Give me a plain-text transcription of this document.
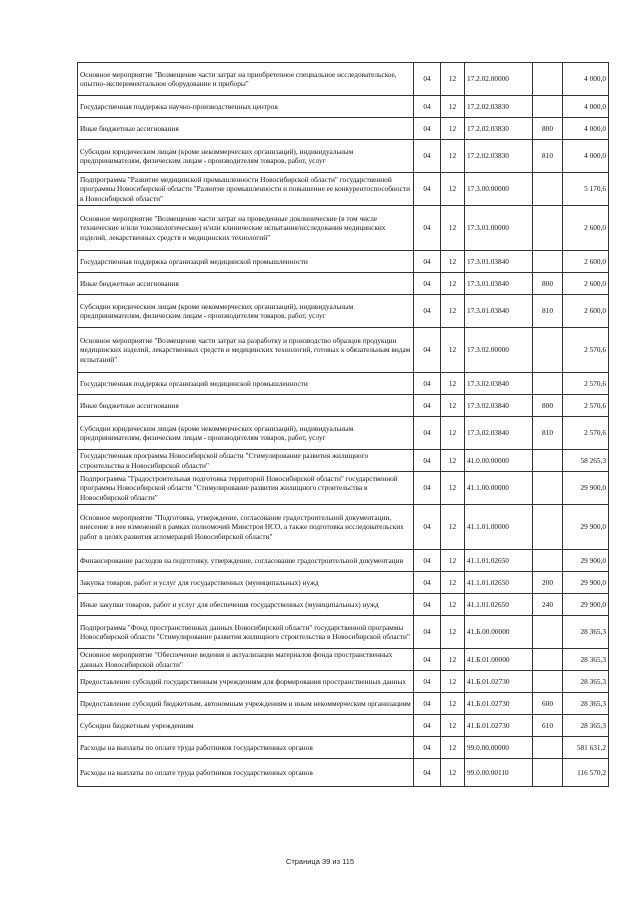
Основное мероприятие "Возмещение части затрат на приобретенное специальное исследовательское, опытно-экспериментальное оборудование и приборы"	04	12	17.2.02.00000		4 000,0
Государственная поддержка научно-производственных центров	04	12	17.2.02.03830		4 000,0
Иные бюджетные ассигнования	04	12	17.2.02.03830	800	4 000,0
Субсидии юридическим лицам (кроме некоммерческих организаций), индивидуальным предпринимателям, физическим лицам - производителям товаров, работ, услуг	04	12	17.2.02.03830	810	4 000,0
Подпрограмма "Развитие медицинской промышленности Новосибирской области" государственной программы Новосибирской области "Развитие промышленности и повышение ее конкурентоспособности в Новосибирской области"	04	12	17.3.00.00000		5 170,6
Основное мероприятие "Возмещение части затрат на проведенные доклинические (в том числе технические и/или токсикологические) и/или клинические испытания/исследования медицинских изделий, лекарственных средств и медицинских технологий"	04	12	17.3.01.00000		2 600,0
Государственная поддержка организаций медицинской промышленности	04	12	17.3.01.03840		2 600,0
Иные бюджетные ассигнования	04	12	17.3.01.03840	800	2 600,0
Субсидии юридическим лицам (кроме некоммерческих организаций), индивидуальным предпринимателям, физическим лицам - производителям товаров, работ, услуг	04	12	17.3.01.03840	810	2 600,0
Основное мероприятие "Возмещение части затрат на разработку и производство образцов продукции медицинских изделий, лекарственных средств и медицинских технологий, готовых к обязательным видам испытаний"	04	12	17.3.02.00000		2 570,6
Государственная поддержка организаций медицинской промышленности	04	12	17.3.02.03840		2 570,6
Иные бюджетные ассигнования	04	12	17.3.02.03840	800	2 570,6
Субсидии юридическим лицам (кроме некоммерческих организаций), индивидуальным предпринимателям, физическим лицам - производителям товаров, работ, услуг	04	12	17.3.02.03840	810	2 570,6
Государственная программа Новосибирской области "Стимулирование развития жилищного строительства в Новосибирской области"	04	12	41.0.00.00000		58 265,3
Подпрограмма "Градостроительная подготовка территорий Новосибирской области" государственной программы Новосибирской области "Стимулирование развития жилищного строительства в Новосибирской области"	04	12	41.1.00.00000		29 900,0
Основное мероприятие "Подготовка, утверждение, согласование градостроительной документации, внесение в нее изменений в рамках полномочий Минстроя НСО, а также подготовка исследовательских работ в целях развития агломераций Новосибирской области"	04	12	41.1.01.00000		29 900,0
Финансирование расходов на подготовку, утверждение, согласование градостроительной документации	04	12	41.1.01.02650		29 900,0
Закупка товаров, работ и услуг для государственных (муниципальных) нужд	04	12	41.1.01.02650	200	29 900,0
Иные закупки товаров, работ и услуг для обеспечения государственных (муниципальных) нужд	04	12	41.1.01.02650	240	29 900,0
Подпрограмма "Фонд пространственных данных Новосибирской области" государственной программы Новосибирской области "Стимулирование развития жилищного строительства в Новосибирской области"	04	12	41.Б.00.00000		28 365,3
Основное мероприятие "Обеспечение ведения и актуализации материалов фонда пространственных данных Новосибирской области"	04	12	41.Б.01.00000		28 365,3
Предоставление субсидий государственным учреждениям для формирования пространственных данных	04	12	41.Б.01.02730		28 365,3
Предоставление субсидий бюджетным, автономным учреждениям и иным некоммерческим организациям	04	12	41.Б.01.02730	600	28 365,3
Субсидии бюджетным учреждениям	04	12	41.Б.01.02730	610	28 365,3
Расходы на выплаты по оплате труда работников государственных органов	04	12	99.0.00.00000		581 631,2
Расходы на выплаты по оплате труда работников государственных органов	04	12	99.0.00.00110		116 570,2
Страница 39 из 115
